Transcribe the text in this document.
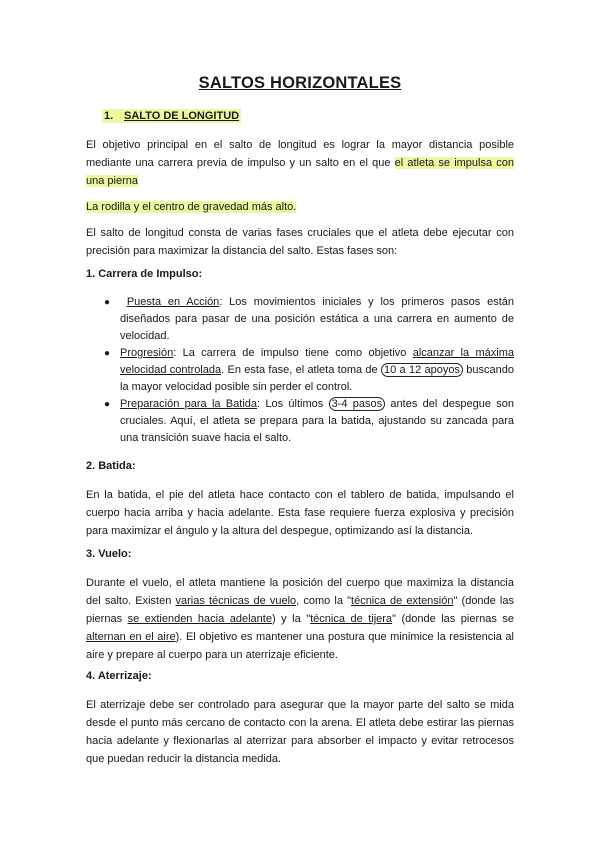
SALTOS HORIZONTALES
1. SALTO DE LONGITUD
El objetivo principal en el salto de longitud es lograr la mayor distancia posible mediante una carrera previa de impulso y un salto en el que el atleta se impulsa con una pierna
La rodilla y el centro de gravedad más alto.
El salto de longitud consta de varias fases cruciales que el atleta debe ejecutar con precisión para maximizar la distancia del salto. Estas fases son:
1. Carrera de Impulso:
● Puesta en Acción: Los movimientos iniciales y los primeros pasos están diseñados para pasar de una posición estática a una carrera en aumento de velocidad.
● Progresión: La carrera de impulso tiene como objetivo alcanzar la máxima velocidad controlada. En esta fase, el atleta toma de 10 a 12 apoyos buscando la mayor velocidad posible sin perder el control.
● Preparación para la Batida: Los últimos 3-4 pasos antes del despegue son cruciales. Aquí, el atleta se prepara para la batida, ajustando su zancada para una transición suave hacia el salto.
2. Batida:
En la batida, el pie del atleta hace contacto con el tablero de batida, impulsando el cuerpo hacia arriba y hacia adelante. Esta fase requiere fuerza explosiva y precisión para maximizar el ángulo y la altura del despegue, optimizando así la distancia.
3. Vuelo:
Durante el vuelo, el atleta mantiene la posición del cuerpo que maximiza la distancia del salto. Existen varias técnicas de vuelo, como la "técnica de extensión" (donde las piernas se extienden hacia adelante) y la "técnica de tijera" (donde las piernas se alternan en el aire). El objetivo es mantener una postura que minimice la resistencia al aire y prepare al cuerpo para un aterrizaje eficiente.
4. Aterrizaje:
El aterrizaje debe ser controlado para asegurar que la mayor parte del salto se mida desde el punto más cercano de contacto con la arena. El atleta debe estirar las piernas hacia adelante y flexionarlas al aterrizar para absorber el impacto y evitar retrocesos que puedan reducir la distancia medida.
